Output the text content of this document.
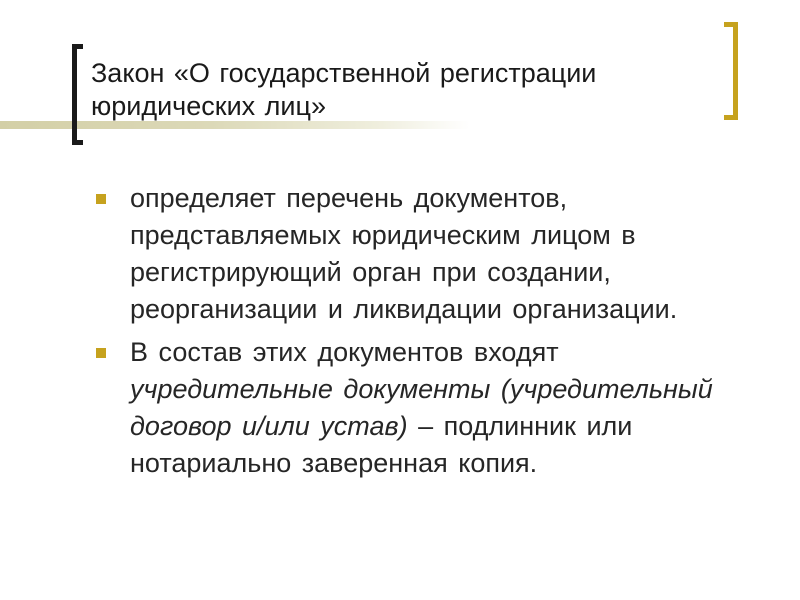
Закон «О государственной регистрации юридических лиц»
определяет перечень документов, представляемых юридическим лицом в регистрирующий орган при создании, реорганизации и ликвидации организации.
В состав этих документов входят учредительные документы (учредительный договор и/или устав) – подлинник или нотариально заверенная копия.
